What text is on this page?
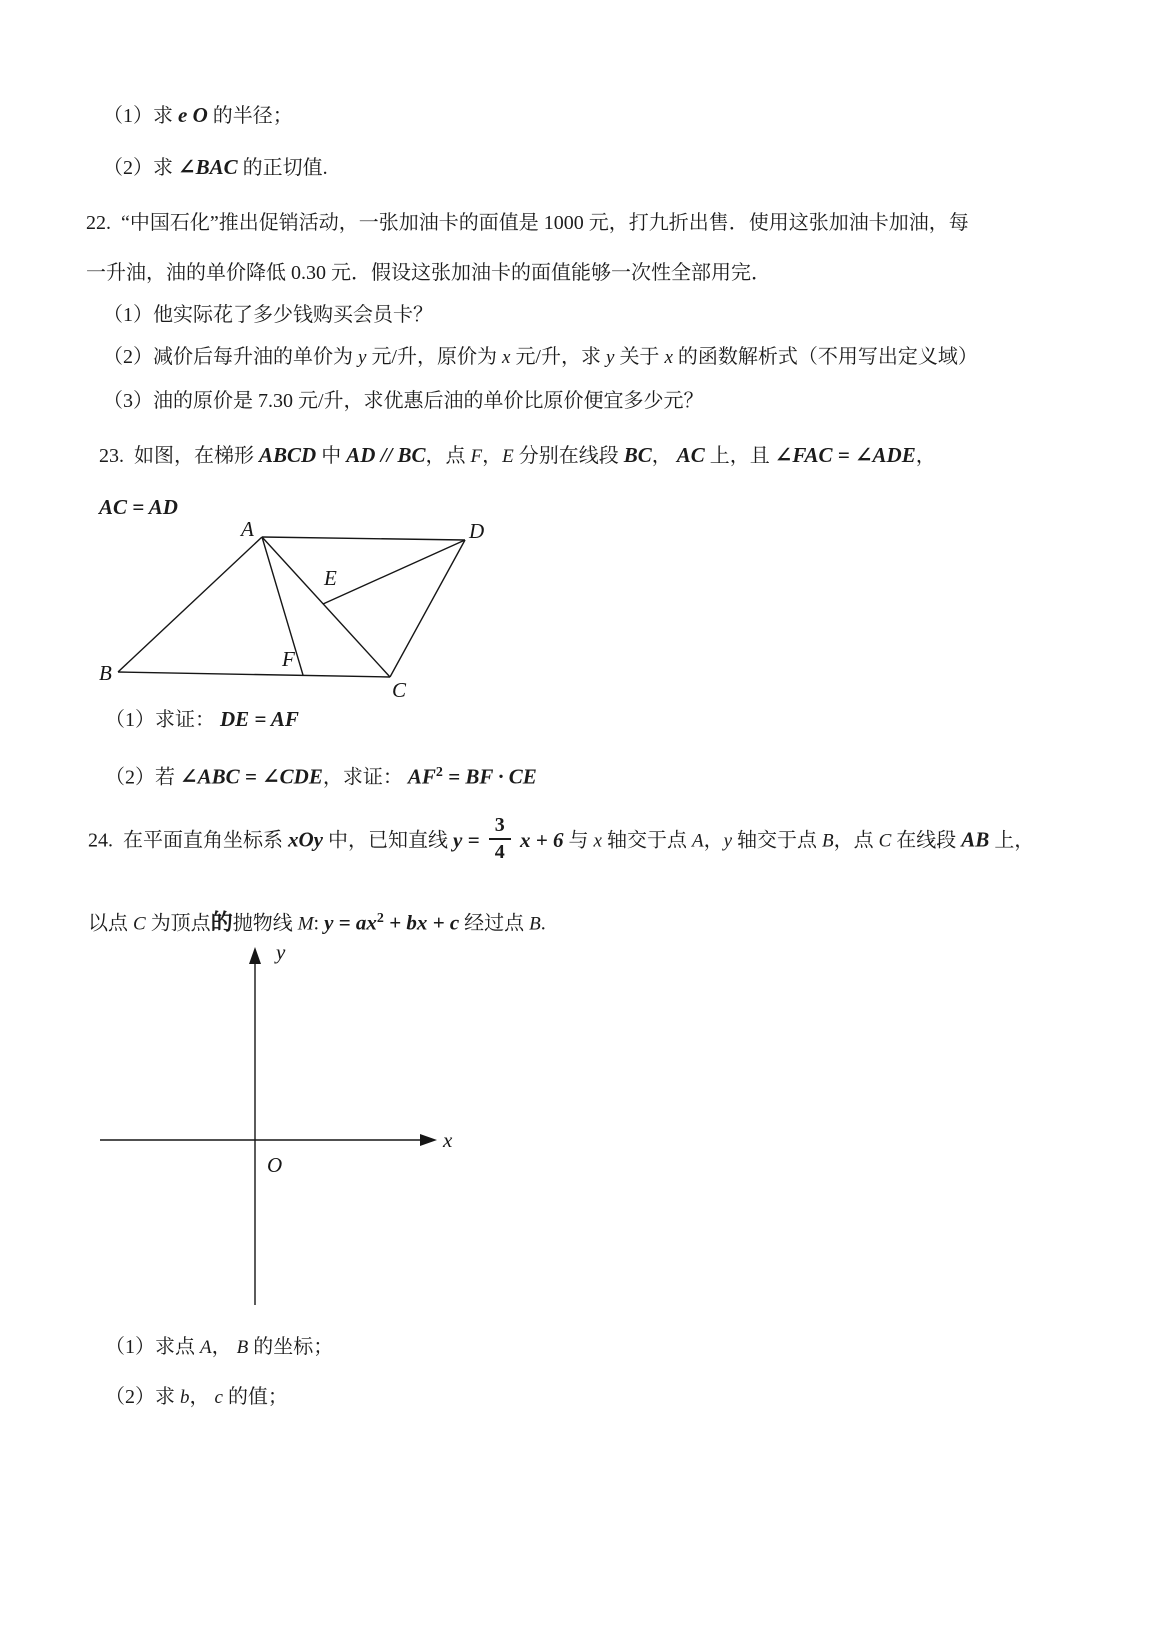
（1）求 e O 的半径；
（2）求 ∠BAC 的正切值.
22.  “中国石化”推出促销活动，一张加油卡的面值是 1000 元，打九折出售．使用这张加油卡加油，每
一升油，油的单价降低 0.30 元．假设这张加油卡的面值能够一次性全部用完．
（1）他实际花了多少钱购买会员卡？
（2）减价后每升油的单价为 y 元/升，原价为 x 元/升，求 y 关于 x 的函数解析式（不用写出定义域）
（3）油的原价是 7.30 元/升，求优惠后油的单价比原价便宜多少元？
23.  如图，在梯形 ABCD 中 AD // BC，点 F，E 分别在线段 BC， AC 上，且 ∠FAC = ∠ADE，
AC = AD
A	D
B
C
E
F
（1）求证： DE = AF
（2）若 ∠ABC = ∠CDE，求证： $AF^2$ = BF · CE
24.  在平面直角坐标系 xOy 中，已知直线 $y = \frac{3}{4}$ x + 6 与 x 轴交于点 A，y 轴交于点 B，点 C 在线段 AB 上，
以点 C 为顶点的抛物线 M: $y = ax^2$ + bx + c 经过点 B.
y
x
O
（1）求点 A， B 的坐标；
（2）求 b， c 的值；
